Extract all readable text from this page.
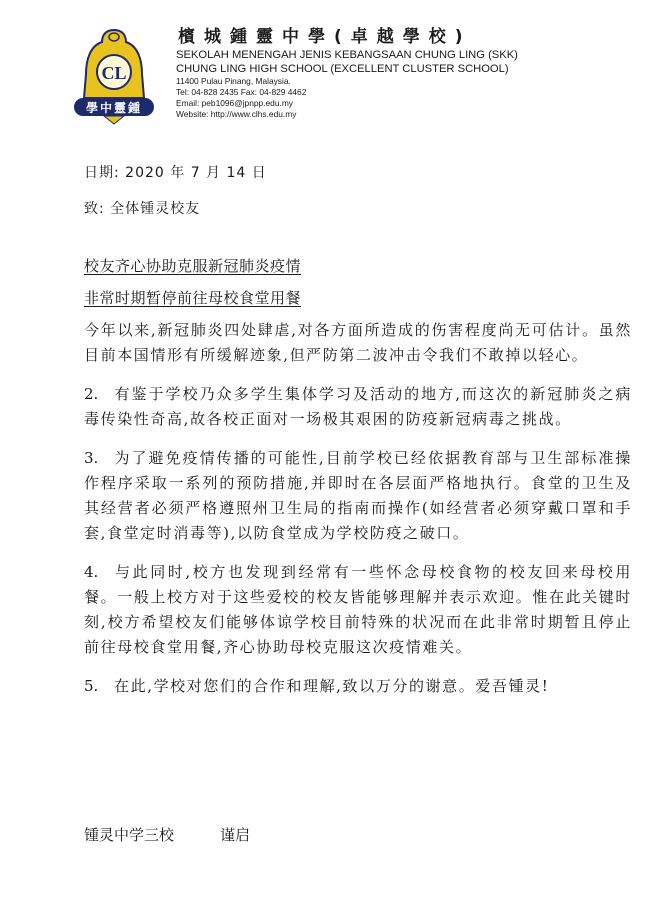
CL
學中靈鍾
檳城鍾靈中學(卓越學校)
SEKOLAH MENENGAH JENIS KEBANGSAAN CHUNG LING (SKK)
CHUNG LING HIGH SCHOOL (EXCELLENT CLUSTER SCHOOL)
11400 Pulau Pinang, Malaysia.
Tel: 04-828 2435 Fax: 04-829 4462
Email: peb1096@jpnpp.edu.my
Website: http://www.clhs.edu.my
日期: 2020 年 7 月 14 日
致: 全体锺灵校友
校友齐心协助克服新冠肺炎疫情
非常时期暂停前往母校食堂用餐

今年以来,新冠肺炎四处肆虐,对各方面所造成的伤害程度尚无可估计。虽然目前本国情形有所缓解迹象,但严防第二波冲击令我们不敢掉以轻心。

2. 有鉴于学校乃众多学生集体学习及活动的地方,而这次的新冠肺炎之病毒传染性奇高,故各校正面对一场极其艰困的防疫新冠病毒之挑战。

3. 为了避免疫情传播的可能性,目前学校已经依据教育部与卫生部标准操作程序采取一系列的预防措施,并即时在各层面严格地执行。食堂的卫生及其经营者必须严格遵照州卫生局的指南而操作(如经营者必须穿戴口罩和手套,食堂定时消毒等),以防食堂成为学校防疫之破口。

4. 与此同时,校方也发现到经常有一些怀念母校食物的校友回来母校用餐。一般上校方对于这些爱校的校友皆能够理解并表示欢迎。惟在此关键时刻,校方希望校友们能够体谅学校目前特殊的状况而在此非常时期暂且停止前往母校食堂用餐,齐心协助母校克服这次疫情难关。

5. 在此,学校对您们的合作和理解,致以万分的谢意。爱吾锺灵!

锺灵中学三校	谨启
